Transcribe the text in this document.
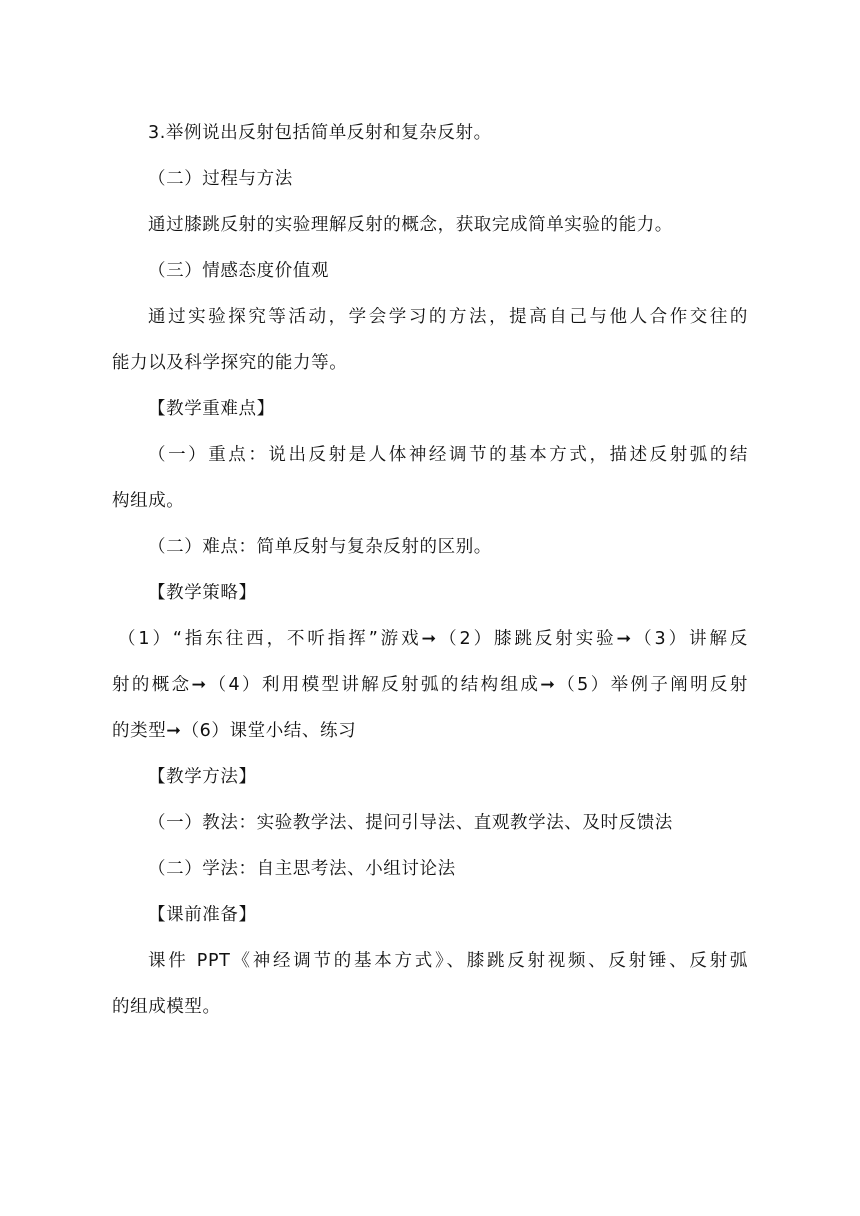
3.举例说出反射包括简单反射和复杂反射。
（二）过程与方法
通过膝跳反射的实验理解反射的概念，获取完成简单实验的能力。
（三）情感态度价值观
通过实验探究等活动，学会学习的方法，提高自己与他人合作交往的
能力以及科学探究的能力等。
【教学重难点】
（一）重点：说出反射是人体神经调节的基本方式，描述反射弧的结
构组成。
（二）难点：简单反射与复杂反射的区别。
【教学策略】
（1）“指东往西，不听指挥”游戏➞（2）膝跳反射实验➞（3）讲解反
射的概念➞（4）利用模型讲解反射弧的结构组成➞（5）举例子阐明反射
的类型➞（6）课堂小结、练习
【教学方法】
（一）教法：实验教学法、提问引导法、直观教学法、及时反馈法
（二）学法：自主思考法、小组讨论法
【课前准备】
课件 PPT《神经调节的基本方式》、膝跳反射视频、反射锤、反射弧
的组成模型。
